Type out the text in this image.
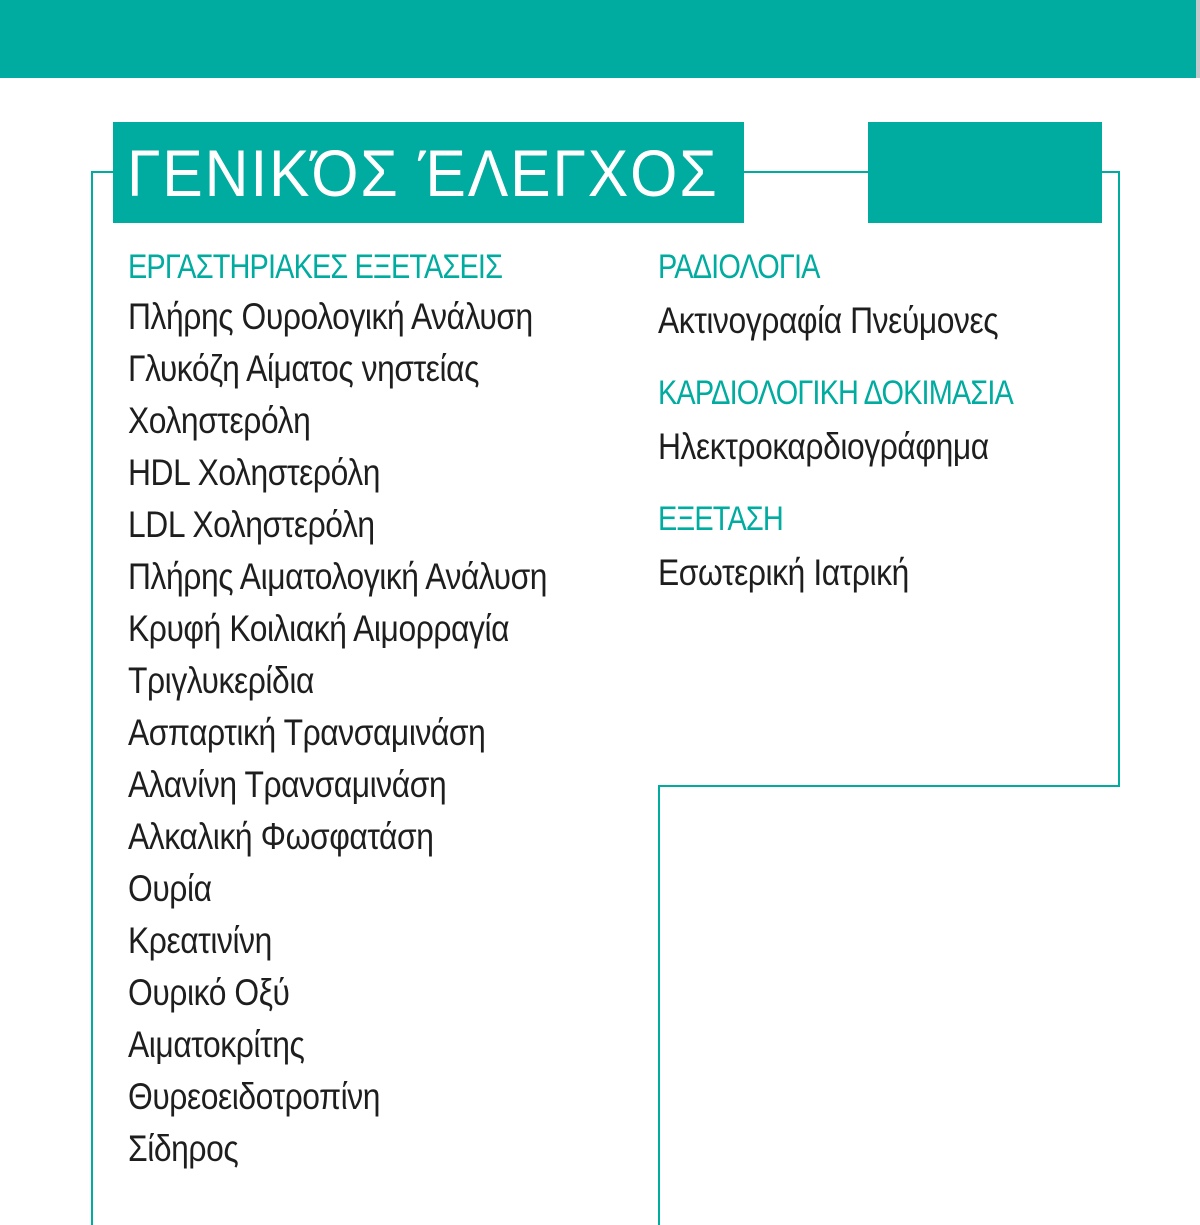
ΓΕΝΙΚΌΣ ΈΛΕΓΧΟΣ
ΕΡΓΑΣΤΗΡΙΑΚΕΣ ΕΞΕΤΑΣΕΙΣ
Πλήρης Ουρολογική Ανάλυση
Γλυκόζη Αίματος νηστείας
Χοληστερόλη
HDL Χοληστερόλη
LDL Χοληστερόλη
Πλήρης Αιματολογική Ανάλυση
Κρυφή Κοιλιακή Αιμορραγία
Τριγλυκερίδια
Ασπαρτική Τρανσαμινάση
Αλανίνη Τρανσαμινάση
Αλκαλική Φωσφατάση
Ουρία
Κρεατινίνη
Ουρικό Οξύ
Αιματοκρίτης
Θυρεοειδοτροπίνη
Σίδηρος
ΡΑΔΙΟΛΟΓΙΑ
Ακτινογραφία Πνεύμονες
ΚΑΡΔΙΟΛΟΓΙΚΗ ΔΟΚΙΜΑΣΙΑ
Ηλεκτροκαρδιογράφημα
ΕΞΕΤΑΣΗ
Εσωτερική Ιατρική
